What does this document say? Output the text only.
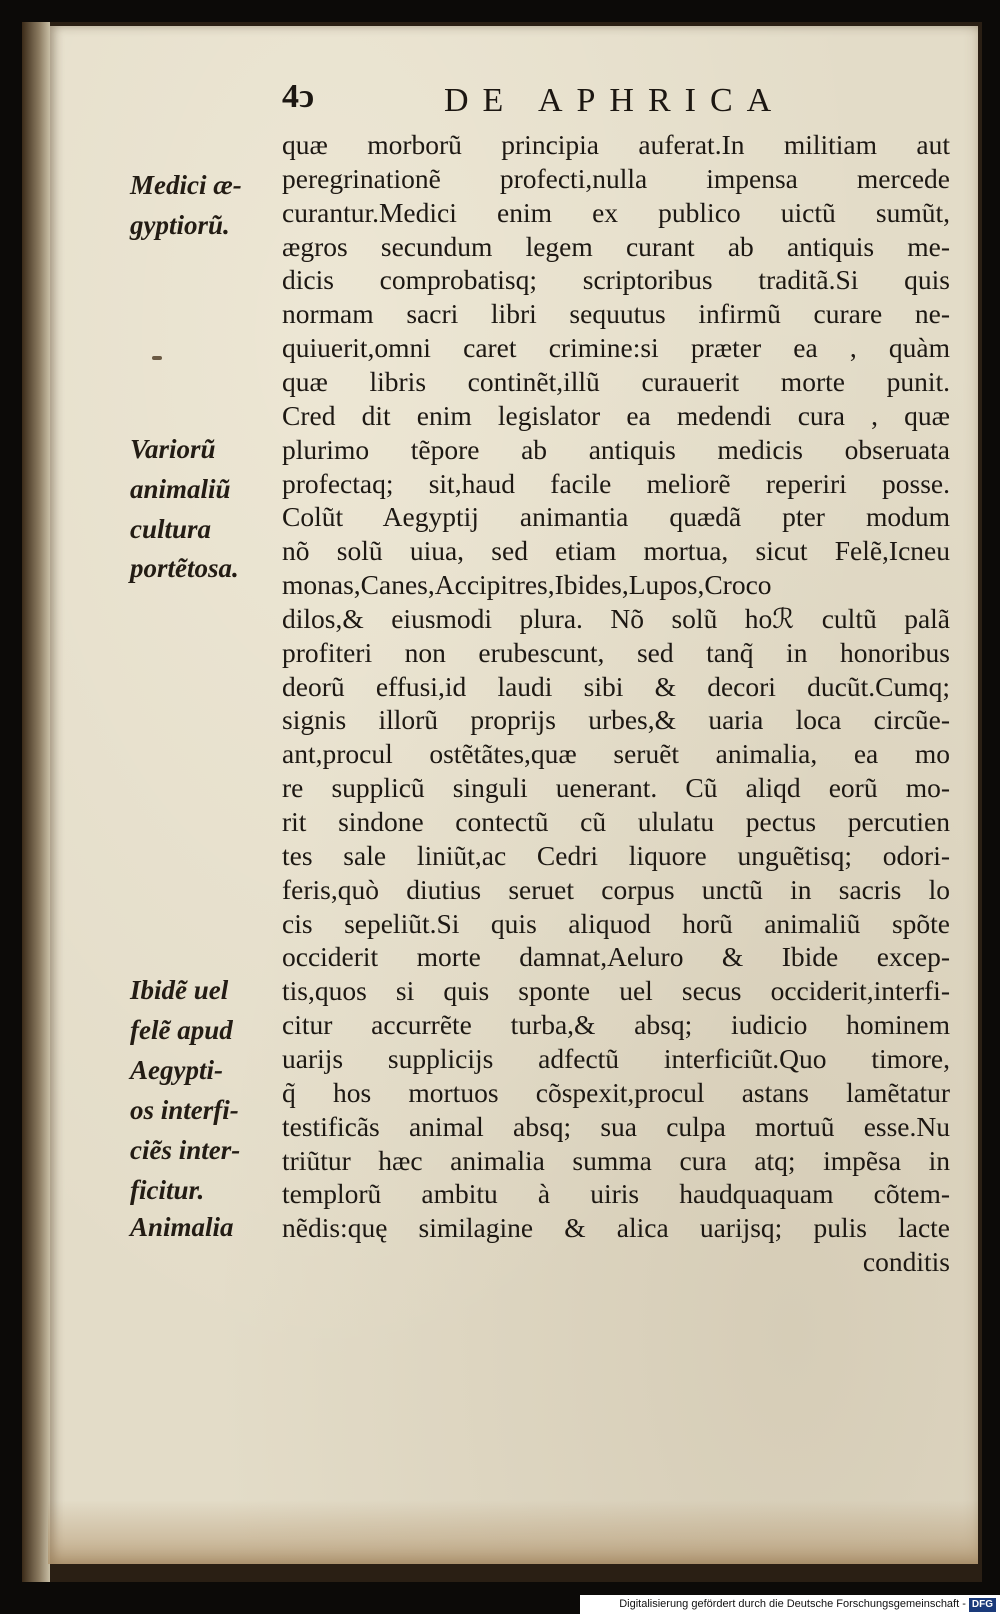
4ↄ	DE APHRICA
quæ morborũ principia auferat.In militiam aut
peregrinationẽ profecti,nulla impensa mercede
curantur.Medici enim ex publico uictũ sumũt,
ægros secundum legem curant ab antiquis me-
dicis comprobatisq; scriptoribus traditã.Si quis
normam sacri libri sequutus infirmũ curare ne-
quiuerit,omni caret crimine:si præter ea , quàm
quæ libris continẽt,illũ curauerit morte punit.
Cred dit enim legislator ea medendi cura , quæ
plurimo tẽpore ab antiquis medicis obseruata
profectaq; sit,haud facile meliorẽ reperiri posse.
Colũt Aegyptij animantia quædã pter modum
nõ solũ uiua, sed etiam mortua, sicut Felẽ,Icneu
monas,Canes,Accipitres,Ibides,Lupos,Croco
dilos,& eiusmodi plura. Nõ solũ hoℛ cultũ palã
profiteri non erubescunt, sed tanq̃ in honoribus
deorũ effusi,id laudi sibi & decori ducũt.Cumq;
signis illorũ proprijs urbes,& uaria loca circũe-
ant,procul ostẽtãtes,quæ seruẽt animalia, ea mo
re supplicũ singuli uenerant. Cũ aliqd eorũ mo-
rit sindone contectũ cũ ululatu pectus percutien
tes sale liniũt,ac Cedri liquore unguẽtisq; odori-
feris,quò diutius seruet corpus unctũ in sacris lo
cis sepeliũt.Si quis aliquod horũ animaliũ spõte
occiderit morte damnat,Aeluro & Ibide excep-
tis,quos si quis sponte uel secus occiderit,interfi-
citur accurrẽte turba,& absq; iudicio hominem
uarijs supplicijs adfectũ interficiũt.Quo timore,
q̃ hos mortuos cõspexit,procul astans lamẽtatur
testificãs animal absq; sua culpa mortuũ esse.Nu
triũtur hæc animalia summa cura atq; impẽsa in
templorũ ambitu à uiris haudquaquam cõtem-
nẽdis:quę similagine & alica uarijsq; pulis lacte
conditis
Medici æ-
gyptiorũ.
Variorũ
animaliũ
cultura
portẽtosa.
Ibidẽ uel
felẽ apud
Aegypti-
os interfi-
ciẽs inter-
ficitur.
Animalia
Digitalisierung gefördert durch die Deutsche Forschungsgemeinschaft - DFG
